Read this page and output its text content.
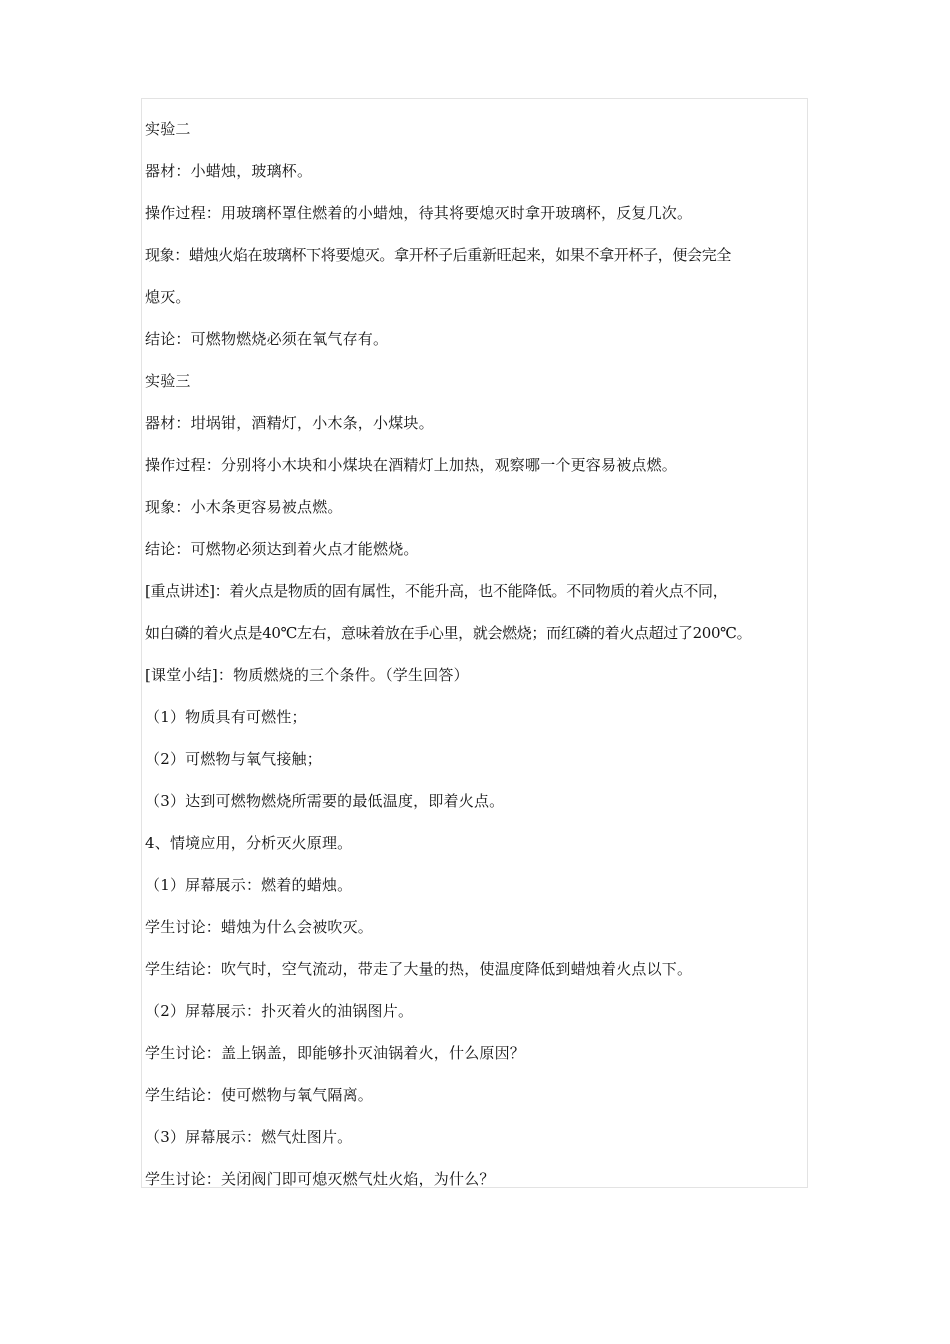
实验二
器材：小蜡烛，玻璃杯。
操作过程：用玻璃杯罩住燃着的小蜡烛，待其将要熄灭时拿开玻璃杯，反复几次。
现象：蜡烛火焰在玻璃杯下将要熄灭。拿开杯子后重新旺起来，如果不拿开杯子，便会完全
熄灭。
结论：可燃物燃烧必须在氧气存有。
实验三
器材：坩埚钳，酒精灯，小木条，小煤块。
操作过程：分别将小木块和小煤块在酒精灯上加热，观察哪一个更容易被点燃。
现象：小木条更容易被点燃。
结论：可燃物必须达到着火点才能燃烧。
[重点讲述]：着火点是物质的固有属性，不能升高，也不能降低。不同物质的着火点不同，
如白磷的着火点是40℃左右，意味着放在手心里，就会燃烧；而红磷的着火点超过了200℃。
[课堂小结]：物质燃烧的三个条件。（学生回答）
（1）物质具有可燃性；
（2）可燃物与氧气接触；
（3）达到可燃物燃烧所需要的最低温度，即着火点。
4、情境应用，分析灭火原理。
（1）屏幕展示：燃着的蜡烛。
学生讨论：蜡烛为什么会被吹灭。
学生结论：吹气时，空气流动，带走了大量的热，使温度降低到蜡烛着火点以下。
（2）屏幕展示：扑灭着火的油锅图片。
学生讨论：盖上锅盖，即能够扑灭油锅着火，什么原因？
学生结论：使可燃物与氧气隔离。
（3）屏幕展示：燃气灶图片。
学生讨论：关闭阀门即可熄灭燃气灶火焰，为什么？
